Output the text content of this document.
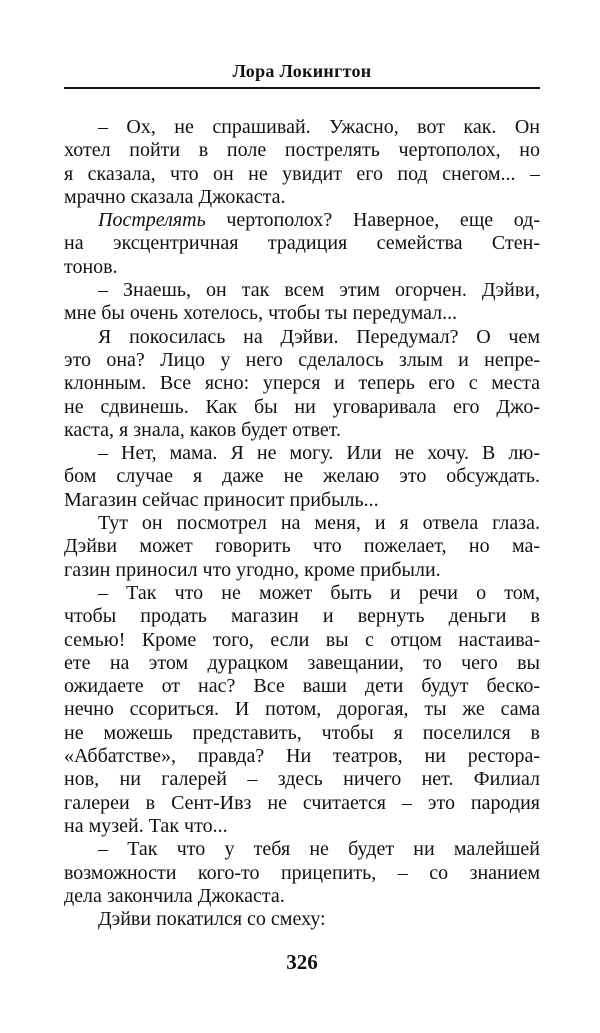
Лора Локингтон
– Ох, не спрашивай. Ужасно, вот как. Он
хотел пойти в поле пострелять чертополох, но
я сказала, что он не увидит его под снегом... –
мрачно сказала Джокаста.
Пострелять чертополох? Наверное, еще од-
на эксцентричная традиция семейства Стен-
тонов.
– Знаешь, он так всем этим огорчен. Дэйви,
мне бы очень хотелось, чтобы ты передумал...
Я покосилась на Дэйви. Передумал? О чем
это она? Лицо у него сделалось злым и непре-
клонным. Все ясно: уперся и теперь его с места
не сдвинешь. Как бы ни уговаривала его Джо-
каста, я знала, каков будет ответ.
– Нет, мама. Я не могу. Или не хочу. В лю-
бом случае я даже не желаю это обсуждать.
Магазин сейчас приносит прибыль...
Тут он посмотрел на меня, и я отвела глаза.
Дэйви может говорить что пожелает, но ма-
газин приносил что угодно, кроме прибыли.
– Так что не может быть и речи о том,
чтобы продать магазин и вернуть деньги в
семью! Кроме того, если вы с отцом настаива-
ете на этом дурацком завещании, то чего вы
ожидаете от нас? Все ваши дети будут беско-
нечно ссориться. И потом, дорогая, ты же сама
не можешь представить, чтобы я поселился в
«Аббатстве», правда? Ни театров, ни рестора-
нов, ни галерей – здесь ничего нет. Филиал
галереи в Сент-Ивз не считается – это пародия
на музей. Так что...
– Так что у тебя не будет ни малейшей
возможности кого-то прицепить, – со знанием
дела закончила Джокаста.
Дэйви покатился со смеху:
326
